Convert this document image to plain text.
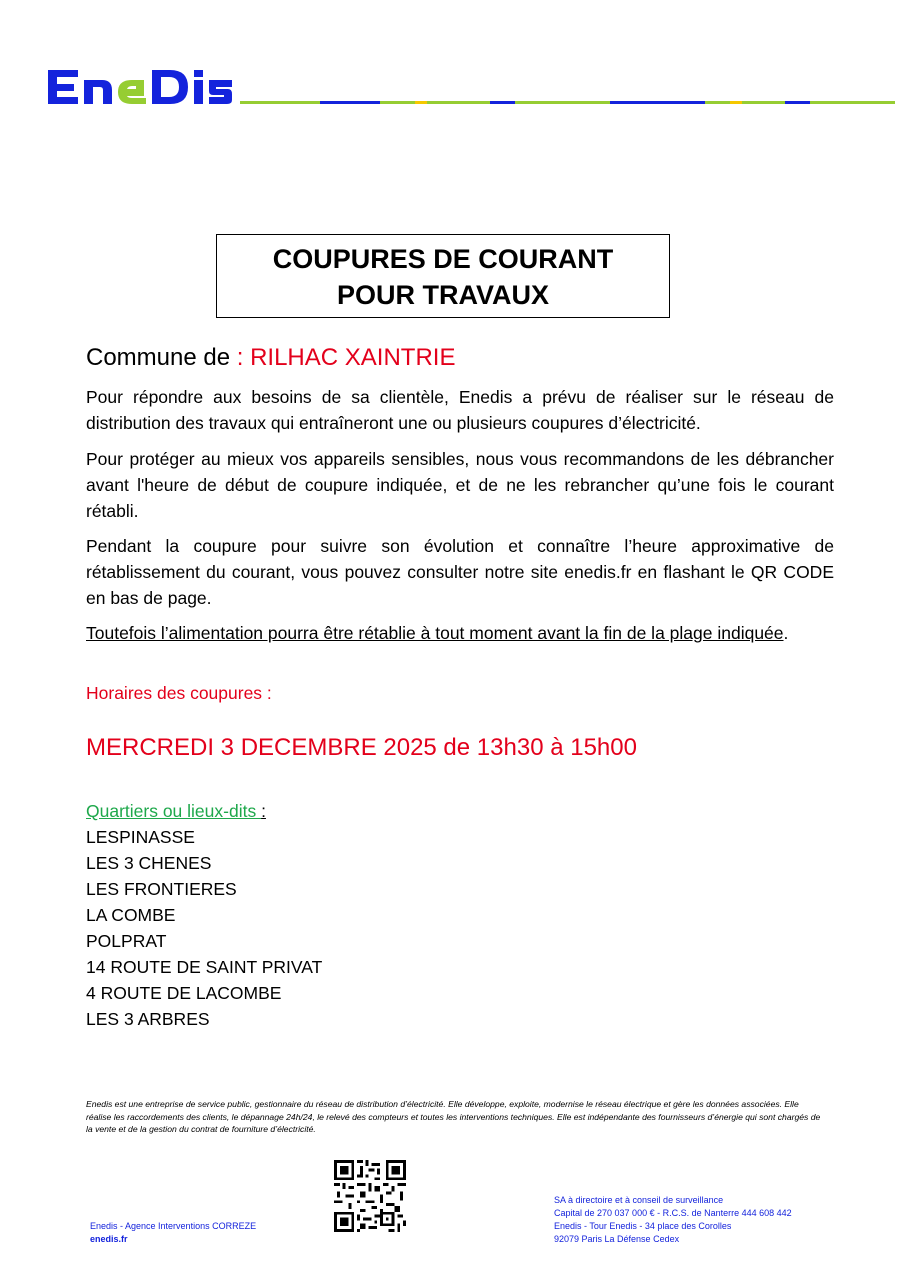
COUPURES DE COURANT
POUR TRAVAUX
Commune de : RILHAC XAINTRIE

Pour répondre aux besoins de sa clientèle, Enedis a prévu de réaliser sur le réseau de distribution des travaux qui entraîneront une ou plusieurs coupures d’électricité.

Pour protéger au mieux vos appareils sensibles, nous vous recommandons de les débrancher avant l'heure de début de coupure indiquée, et de ne les rebrancher qu’une fois le courant rétabli.

Pendant la coupure pour suivre son évolution et connaître l’heure approximative de rétablissement du courant, vous pouvez consulter notre site enedis.fr en flashant le QR CODE en bas de page.

Toutefois l’alimentation pourra être rétablie à tout moment avant la fin de la plage indiquée.

Horaires des coupures :
MERCREDI 3 DECEMBRE 2025 de 13h30 à 15h00
Quartiers ou lieux-dits :
LESPINASSE
LES 3 CHENES
LES FRONTIERES
LA COMBE
POLPRAT
14 ROUTE DE SAINT PRIVAT
4 ROUTE DE LACOMBE
LES 3 ARBRES

Enedis est une entreprise de service public, gestionnaire du réseau de distribution d’électricité. Elle développe, exploite, modernise le réseau électrique et gère les données associées. Elle réalise les raccordements des clients, le dépannage 24h/24, le relevé des compteurs et toutes les interventions techniques. Elle est indépendante des fournisseurs d’énergie qui sont chargés de la vente et de la gestion du contrat de fourniture d’électricité.

Enedis - Agence Interventions CORREZE
enedis.fr
SA à directoire et à conseil de surveillance
Capital de 270 037 000 € - R.C.S. de Nanterre 444 608 442
Enedis - Tour Enedis - 34 place des Corolles
92079 Paris La Défense Cedex
